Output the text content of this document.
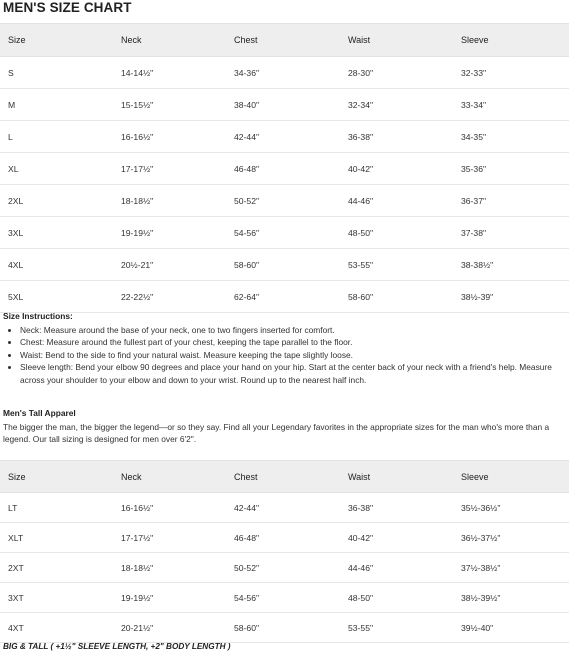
MEN'S SIZE CHART
Size	Neck	Chest	Waist	Sleeve
S	14-14½"	34-36"	28-30"	32-33"
M	15-15½"	38-40"	32-34"	33-34"
L	16-16½"	42-44"	36-38"	34-35"
XL	17-17½"	46-48"	40-42"	35-36"
2XL	18-18½"	50-52"	44-46"	36-37"
3XL	19-19½"	54-56"	48-50"	37-38"
4XL	20½-21"	58-60"	53-55"	38-38½"
5XL	22-22½"	62-64"	58-60"	38½-39"
Size Instructions:
• Neck: Measure around the base of your neck, one to two fingers inserted for comfort.
• Chest: Measure around the fullest part of your chest, keeping the tape parallel to the floor.
• Waist: Bend to the side to find your natural waist. Measure keeping the tape slightly loose.
• Sleeve length: Bend your elbow 90 degrees and place your hand on your hip. Start at the center back of your neck with a friend's help. Measure across your shoulder to your elbow and down to your wrist. Round up to the nearest half inch.
Men's Tall Apparel
The bigger the man, the bigger the legend—or so they say. Find all your Legendary favorites in the appropriate sizes for the man who's more than a legend. Our tall sizing is designed for men over 6'2".
Size	Neck	Chest	Waist	Sleeve
LT	16-16½"	42-44"	36-38"	35½-36½"
XLT	17-17½"	46-48"	40-42"	36½-37½"
2XT	18-18½"	50-52"	44-46"	37½-38½"
3XT	19-19½"	54-56"	48-50"	38½-39½"
4XT	20-21½"	58-60"	53-55"	39½-40"
BIG & TALL ( +1½" SLEEVE LENGTH, +2" BODY LENGTH )
